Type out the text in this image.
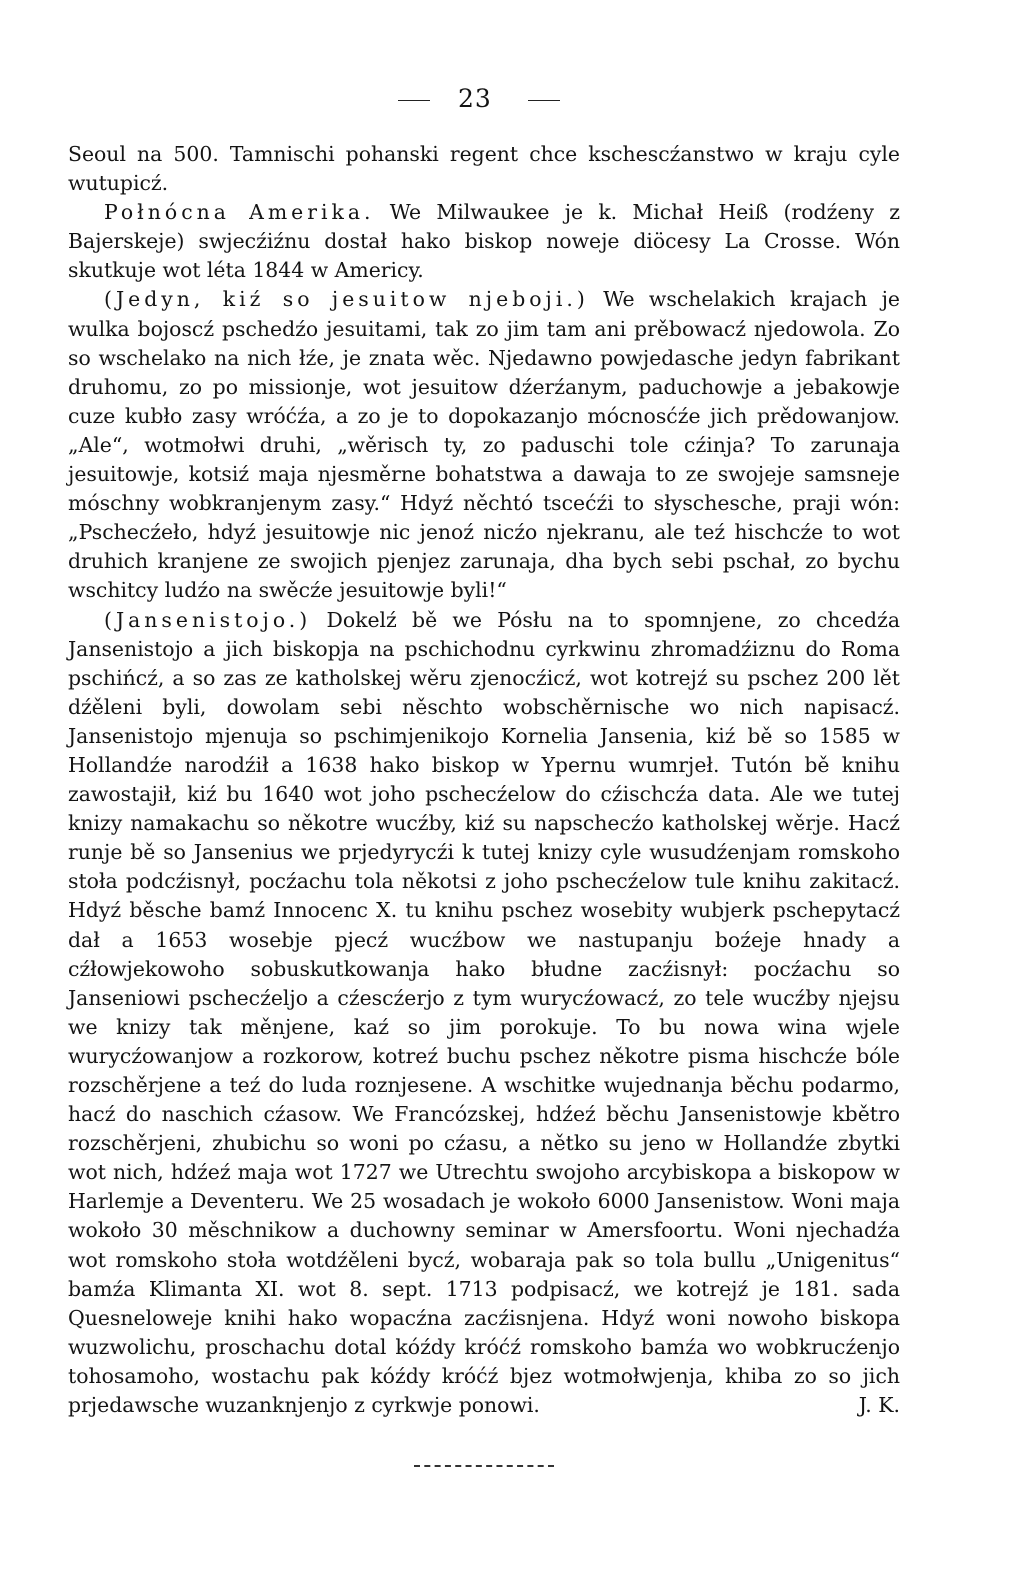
23

Seoul na 500. Tamnischi pohanski regent chce kschescźanstwo w kraju cyle wutupicź.

Połnócna Amerika. We Milwaukee je k. Michał Heiß (rodźeny z Bajerskeje) swjecźiźnu dostał hako biskop noweje diöcesy La Crosse. Wón skutkuje wot léta 1844 w Americy.

(Jedyn, kiź so jesuitow njeboji.) We wschelakich krajach je wulka bojoscź pschedźo jesuitami, tak zo jim tam ani prěbowacź njedowola. Zo so wschelako na nich łźe, je znata wěc. Njedawno powjedasche jedyn fabrikant druhomu, zo po missionje, wot jesuitow dźerźanym, paduchowje a jebakowje cuze kubło zasy wróćźa, a zo je to dopokazanjo mócnosćźe jich prědowanjow. „Ale“, wotmołwi druhi, „wěrisch ty, zo paduschi tole cźinja? To zarunaja jesuitowje, kotsiź maja njesměrne bohatstwa a dawaja to ze swojeje samsneje móschny wobkranjenym zasy.“ Hdyź něchtó tscećźi to słyschesche, praji wón: „Pschecźeło, hdyź jesuitowje nic jenoź nicźo njekranu, ale teź hischcźe to wot druhich kranjene ze swojich pjenjez zarunaja, dha bych sebi pschał, zo bychu wschitcy ludźo na swěcźe jesuitowje byli!“

(Jansenistojo.) Dokelź bě we Pósłu na to spomnjene, zo chcedźa Jansenistojo a jich biskopja na pschichodnu cyrkwinu zhromadźiznu do Roma pschińcź, a so zas ze katholskej wěru zjenocźicź, wot kotrejź su pschez 200 lět dźěleni byli, dowolam sebi něschto wobschěrnische wo nich napisacź. Jansenistojo mjenuja so pschimjenikojo Kornelia Jansenia, kiź bě so 1585 w Hollandźe narodźił a 1638 hako biskop w Ypernu wumrjeł. Tutón bě knihu zawostajił, kiź bu 1640 wot joho pschecźelow do cźischcźa data. Ale we tutej knizy namakachu so někotre wucźby, kiź su napschecźo katholskej wěrje. Hacź runje bě so Jansenius we prjedyrycźi k tutej knizy cyle wusudźenjam romskoho stoła podcźisnył, pocźachu tola někotsi z joho pschecźelow tule knihu zakitacź. Hdyź běsche bamź Innocenc X. tu knihu pschez wosebity wubjerk pschepytacź dał a 1653 wosebje pjecź wucźbow we nastupanju boźeje hnady a cźłowjekowoho sobuskutkowanja hako błudne zacźisnył: pocźachu so Janseniowi pschecźeljo a cźescźerjo z tym wurycźowacź, zo tele wucźby njejsu we knizy tak měnjene, kaź so jim porokuje. To bu nowa wina wjele wurycźowanjow a rozkorow, kotreź buchu pschez někotre pisma hischcźe bóle rozschěrjene a teź do luda roznjesene. A wschitke wujednanja běchu podarmo, hacź do naschich cźasow. We Francózskej, hdźeź běchu Jansenistowje kbětro rozschěrjeni, zhubichu so woni po cźasu, a nětko su jeno w Hollandźe zbytki wot nich, hdźeź maja wot 1727 we Utrechtu swojoho arcybiskopa a biskopow w Harlemje a Deventeru. We 25 wosadach je wokoło 6000 Jansenistow. Woni maja wokoło 30 měschnikow a duchowny seminar w Amersfoortu. Woni njechadźa wot romskoho stoła wotdźěleni bycź, wobaraja pak so tola bullu „Unigenitus“ bamźa Klimanta XI. wot 8. sept. 1713 podpisacź, we kotrejź je 181. sada Quesneloweje knihi hako wopacźna zacźisnjena. Hdyź woni nowoho biskopa wuzwolichu, proschachu dotal kóźdy króćź romskoho bamźa wo wobkrucźenjo tohosamoho, wostachu pak kóźdy króćź bjez wotmołwjenja, khiba zo so jich prjedawsche wuzanknjenjo z cyrkwje ponowi.	J. K.
